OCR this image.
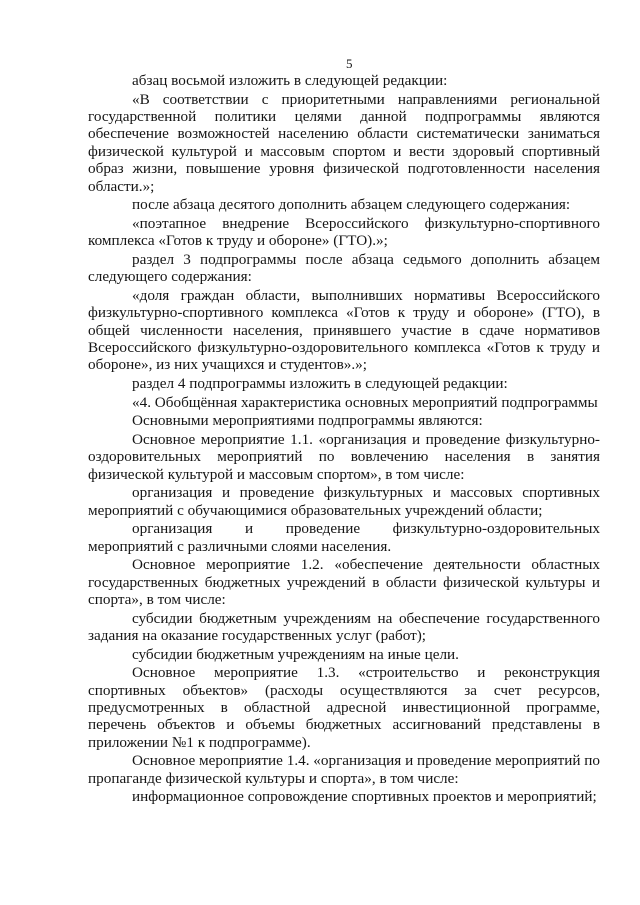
5

абзац восьмой изложить в следующей редакции:

«В соответствии с приоритетными направлениями региональной государственной политики целями данной подпрограммы являются обеспечение возможностей населению области систематически заниматься физической культурой и массовым спортом и вести здоровый спортивный образ жизни, повышение уровня физической подготовленности населения области.»;

после абзаца десятого дополнить абзацем следующего содержания:

«поэтапное внедрение Всероссийского физкультурно-спортивного комплекса «Готов к труду и обороне» (ГТО).»;

раздел 3 подпрограммы после абзаца седьмого дополнить абзацем следующего содержания:

«доля граждан области, выполнивших нормативы Всероссийского физкультурно-спортивного комплекса «Готов к труду и обороне» (ГТО), в общей численности населения, принявшего участие в сдаче нормативов Всероссийского физкультурно-оздоровительного комплекса «Готов к труду и обороне», из них учащихся и студентов».»;

раздел 4 подпрограммы изложить в следующей редакции:

«4. Обобщённая характеристика основных мероприятий подпрограммы

Основными мероприятиями подпрограммы являются:

Основное мероприятие 1.1. «организация и проведение физкультурно-оздоровительных мероприятий по вовлечению населения в занятия физической культурой и массовым спортом», в том числе:

организация и проведение физкультурных и массовых спортивных мероприятий с обучающимися образовательных учреждений области;

организация и проведение физкультурно-оздоровительных мероприятий с различными слоями населения.

Основное мероприятие 1.2. «обеспечение деятельности областных государственных бюджетных учреждений в области физической культуры и спорта», в том числе:

субсидии бюджетным учреждениям на обеспечение государственного задания на оказание государственных услуг (работ);

субсидии бюджетным учреждениям на иные цели.

Основное мероприятие 1.3. «строительство и реконструкция спортивных объектов» (расходы осуществляются за счет ресурсов, предусмотренных в областной адресной инвестиционной программе, перечень объектов и объемы бюджетных ассигнований представлены в приложении №1 к подпрограмме).

Основное мероприятие 1.4. «организация и проведение мероприятий по пропаганде физической культуры и спорта», в том числе:

информационное сопровождение спортивных проектов и мероприятий;
